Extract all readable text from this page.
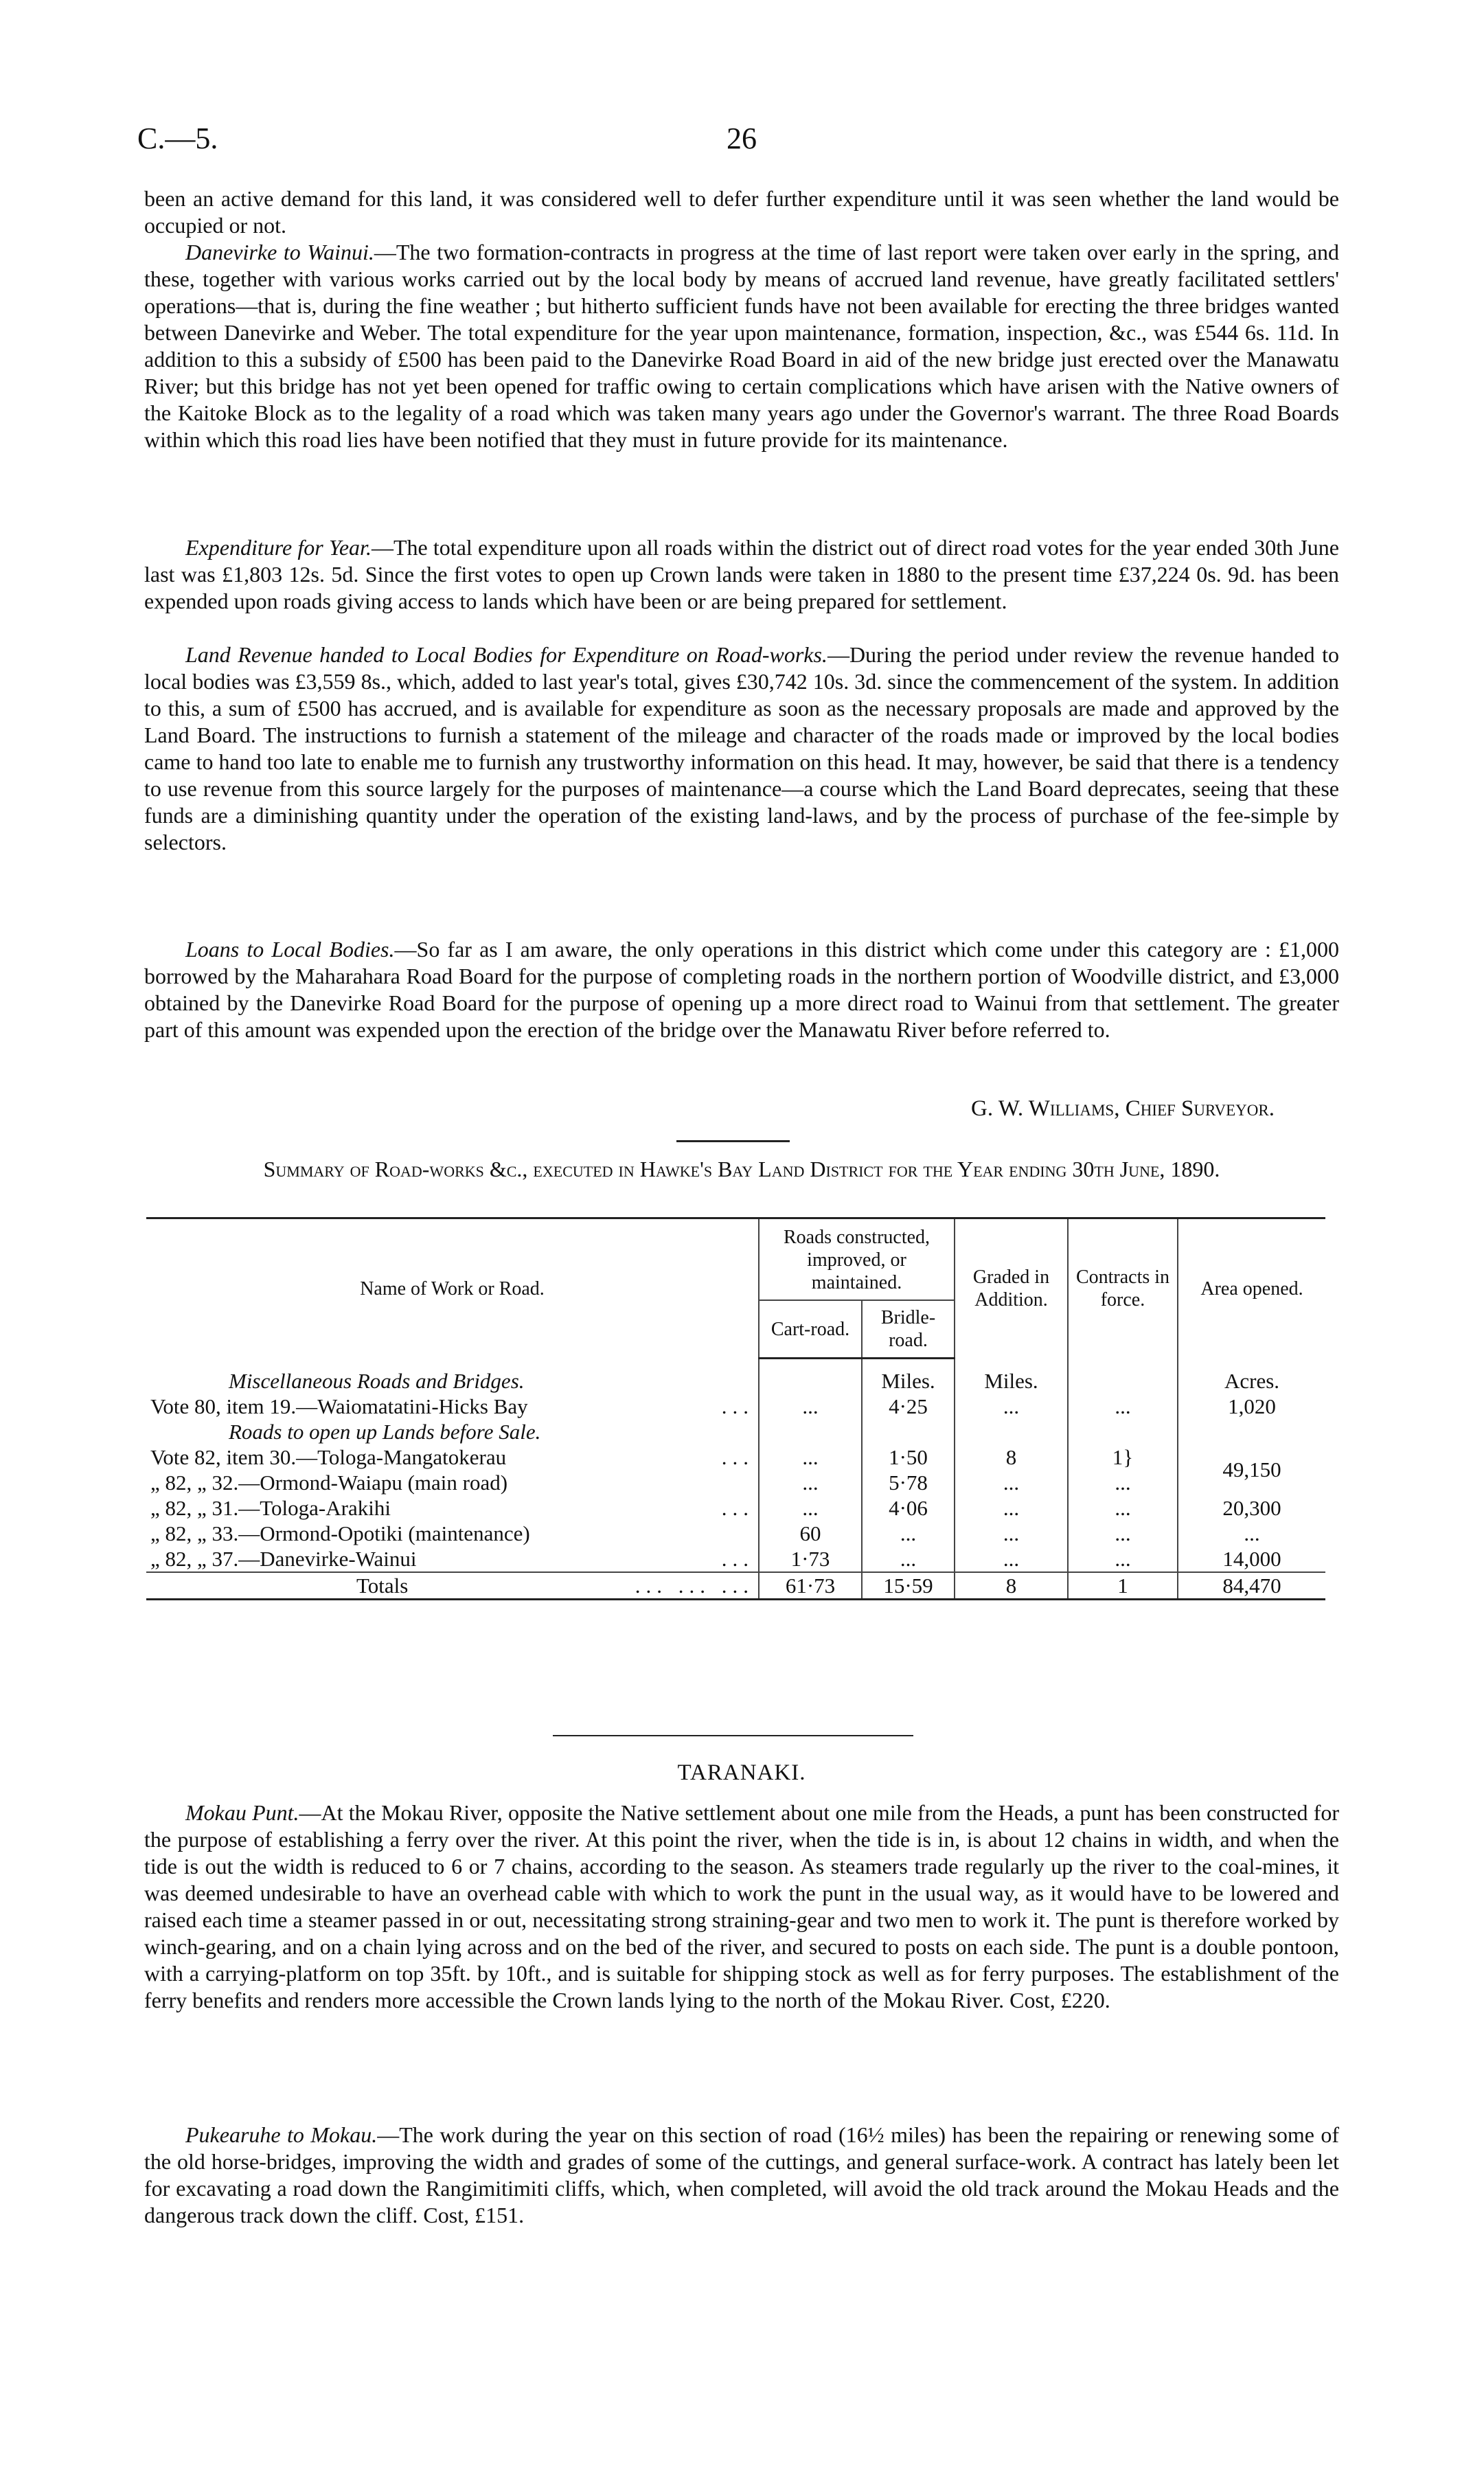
C.—5.	26

been an active demand for this land, it was considered well to defer further expenditure until it was seen whether the land would be occupied or not.

Danevirke to Wainui.—The two formation-contracts in progress at the time of last report were taken over early in the spring, and these, together with various works carried out by the local body by means of accrued land revenue, have greatly facilitated settlers' operations—that is, during the fine weather ; but hitherto sufficient funds have not been available for erecting the three bridges wanted between Danevirke and Weber. The total expenditure for the year upon maintenance, formation, inspection, &c., was £544 6s. 11d. In addition to this a subsidy of £500 has been paid to the Danevirke Road Board in aid of the new bridge just erected over the Manawatu River; but this bridge has not yet been opened for traffic owing to certain complications which have arisen with the Native owners of the Kaitoke Block as to the legality of a road which was taken many years ago under the Governor's warrant. The three Road Boards within which this road lies have been notified that they must in future provide for its maintenance.

Expenditure for Year.—The total expenditure upon all roads within the district out of direct road votes for the year ended 30th June last was £1,803 12s. 5d. Since the first votes to open up Crown lands were taken in 1880 to the present time £37,224 0s. 9d. has been expended upon roads giving access to lands which have been or are being prepared for settlement.

Land Revenue handed to Local Bodies for Expenditure on Road-works.—During the period under review the revenue handed to local bodies was £3,559 8s., which, added to last year's total, gives £30,742 10s. 3d. since the commencement of the system. In addition to this, a sum of £500 has accrued, and is available for expenditure as soon as the necessary proposals are made and approved by the Land Board. The instructions to furnish a statement of the mileage and character of the roads made or improved by the local bodies came to hand too late to enable me to furnish any trustworthy information on this head. It may, however, be said that there is a tendency to use revenue from this source largely for the purposes of maintenance—a course which the Land Board deprecates, seeing that these funds are a diminishing quantity under the operation of the existing land-laws, and by the process of purchase of the fee-simple by selectors.

Loans to Local Bodies.—So far as I am aware, the only operations in this district which come under this category are : £1,000 borrowed by the Maharahara Road Board for the purpose of completing roads in the northern portion of Woodville district, and £3,000 obtained by the Danevirke Road Board for the purpose of opening up a more direct road to Wainui from that settlement. The greater part of this amount was expended upon the erection of the bridge over the Manawatu River before referred to.

G. W. Williams, Chief Surveyor.
Summary of Road-works &c., executed in Hawke's Bay Land District for the Year ending 30th June, 1890.
Name of Work or Road.	Roads constructed, improved, or maintained.		Graded in Addition.	Contracts in force.	Area opened.
	Cart-road.	Bridle-road.			

Miscellaneous Roads and Bridges.		Miles.	Miles.		Acres.
Vote 80, item 19.—Waiomatatini-Hicks Bay ...	...	4·25	...	...	1,020
Roads to open up Lands before Sale.					
Vote 82, item 30.—Tologa-Mangatokerau ...	...	1·50	8	1}	49,150
„ 82, „ 32.—Ormond-Waiapu (main road)	...	5·78	...	...	
„ 82, „ 31.—Tologa-Arakihi ...	...	4·06	...	...	20,300
„ 82, „ 33.—Ormond-Opotiki (maintenance)	60	...	...	...	...
„ 82, „ 37.—Danevirke-Wainui ...	1·73	...	...	...	14,000
Totals ... ... ...	61·73	15·59	8	1	84,470
TARANAKI.

Mokau Punt.—At the Mokau River, opposite the Native settlement about one mile from the Heads, a punt has been constructed for the purpose of establishing a ferry over the river. At this point the river, when the tide is in, is about 12 chains in width, and when the tide is out the width is reduced to 6 or 7 chains, according to the season. As steamers trade regularly up the river to the coal-mines, it was deemed undesirable to have an overhead cable with which to work the punt in the usual way, as it would have to be lowered and raised each time a steamer passed in or out, necessitating strong straining-gear and two men to work it. The punt is therefore worked by winch-gearing, and on a chain lying across and on the bed of the river, and secured to posts on each side. The punt is a double pontoon, with a carrying-platform on top 35ft. by 10ft., and is suitable for shipping stock as well as for ferry purposes. The establishment of the ferry benefits and renders more accessible the Crown lands lying to the north of the Mokau River. Cost, £220.

Pukearuhe to Mokau.—The work during the year on this section of road (16½ miles) has been the repairing or renewing some of the old horse-bridges, improving the width and grades of some of the cuttings, and general surface-work. A contract has lately been let for excavating a road down the Rangimitimiti cliffs, which, when completed, will avoid the old track around the Mokau Heads and the dangerous track down the cliff. Cost, £151.
